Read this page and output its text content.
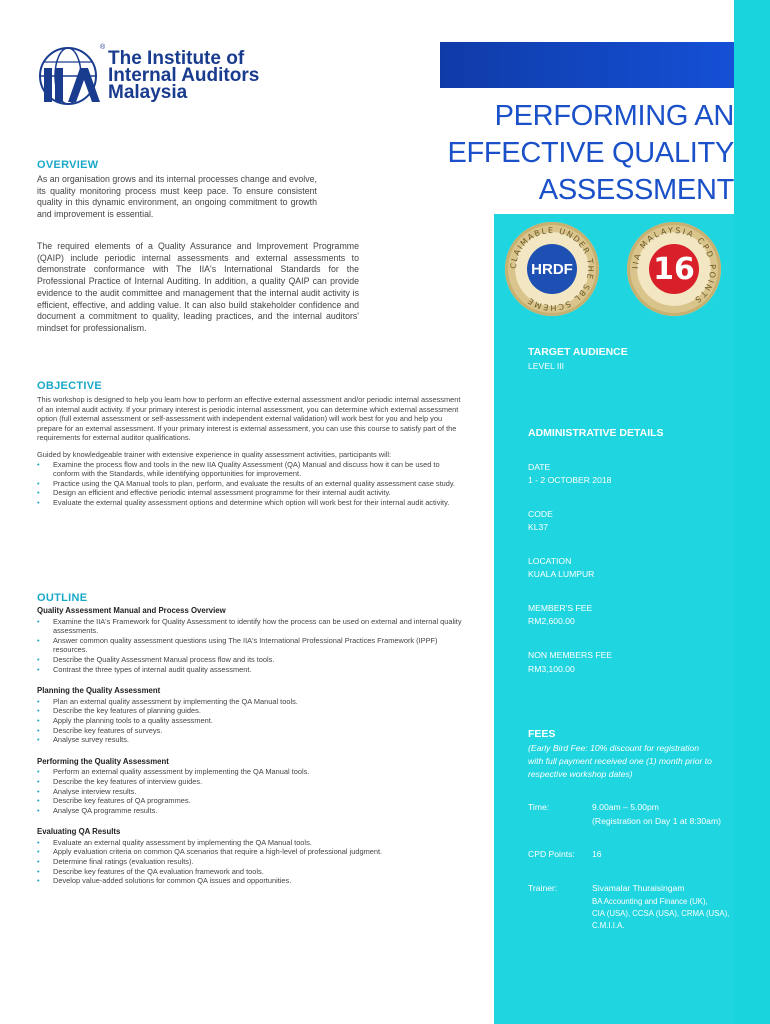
®
The Institute of
Internal Auditors
Malaysia
PERFORMING AN
EFFECTIVE QUALITY
ASSESSMENT
CLAIMABLE UNDER THE SBL SCHEME
HRDF	IIA MALAYSIA CPD POINTS
16
OVERVIEW
As an organisation grows and its internal processes change and evolve, its quality monitoring process must keep pace. To ensure consistent quality in this dynamic environment, an ongoing commitment to growth and improvement is essential.
The required elements of a Quality Assurance and Improvement Programme (QAIP) include periodic internal assessments and external assessments to demonstrate conformance with The IIA's International Standards for the Professional Practice of Internal Auditing. In addition, a quality QAIP can provide evidence to the audit committee and management that the internal audit activity is efficient, effective, and adding value. It can also build stakeholder confidence and document a commitment to quality, leading practices, and the internal auditors' mindset for professionalism.
OBJECTIVE
This workshop is designed to help you learn how to perform an effective external assessment and/or periodic internal assessment of an internal audit activity. If your primary interest is periodic internal assessment, you can determine which external assessment option (full external assessment or self-assessment with independent external validation) will work best for you and help you prepare for an external assessment. If your primary interest is external assessment, you can use this course to satisfy part of the requirements for external auditor qualifications.
Guided by knowledgeable trainer with extensive experience in quality assessment activities, participants will:
• Examine the process flow and tools in the new IIA Quality Assessment (QA) Manual and discuss how it can be used to conform with the Standards, while identifying opportunities for improvement.
• Practice using the QA Manual tools to plan, perform, and evaluate the results of an external quality assessment case study.
• Design an efficient and effective periodic internal assessment programme for their internal audit activity.
• Evaluate the external quality assessment options and determine which option will work best for their internal audit activity.
OUTLINE
Quality Assessment Manual and Process Overview
• Examine the IIA's Framework for Quality Assessment to identify how the process can be used on external and internal quality assessments.
• Answer common quality assessment questions using The IIA's International Professional Practices Framework (IPPF) resources.
• Describe the Quality Assessment Manual process flow and its tools.
• Contrast the three types of internal audit quality assessment.
Planning the Quality Assessment
• Plan an external quality assessment by implementing the QA Manual tools.
• Describe the key features of planning guides.
• Apply the planning tools to a quality assessment.
• Describe key features of surveys.
• Analyse survey results.
Performing the Quality Assessment
• Perform an external quality assessment by implementing the QA Manual tools.
• Describe the key features of interview guides.
• Analyse interview results.
• Describe key features of QA programmes.
• Analyse QA programme results.
Evaluating QA Results
• Evaluate an external quality assessment by implementing the QA Manual tools.
• Apply evaluation criteria on common QA scenarios that require a high-level of professional judgment.
• Determine final ratings (evaluation results).
• Describe key features of the QA evaluation framework and tools.
• Develop value-added solutions for common QA issues and opportunities.
TARGET AUDIENCE
LEVEL III
ADMINISTRATIVE DETAILS
DATE
1 - 2 OCTOBER 2018
CODE
KL37
LOCATION
KUALA LUMPUR
MEMBER'S FEE
RM2,600.00
NON MEMBERS FEE
RM3,100.00
FEES
(Early Bird Fee: 10% discount for registration
with full payment received one (1) month prior to
respective workshop dates)
Time:	9.00am – 5.00pm
(Registration on Day 1 at 8:30am)
CPD Points: 16
Trainer:	Sivamalar Thuraisingam
BA Accounting and Finance (UK),
CIA (USA), CCSA (USA), CRMA (USA),
C.M.I.I.A.
